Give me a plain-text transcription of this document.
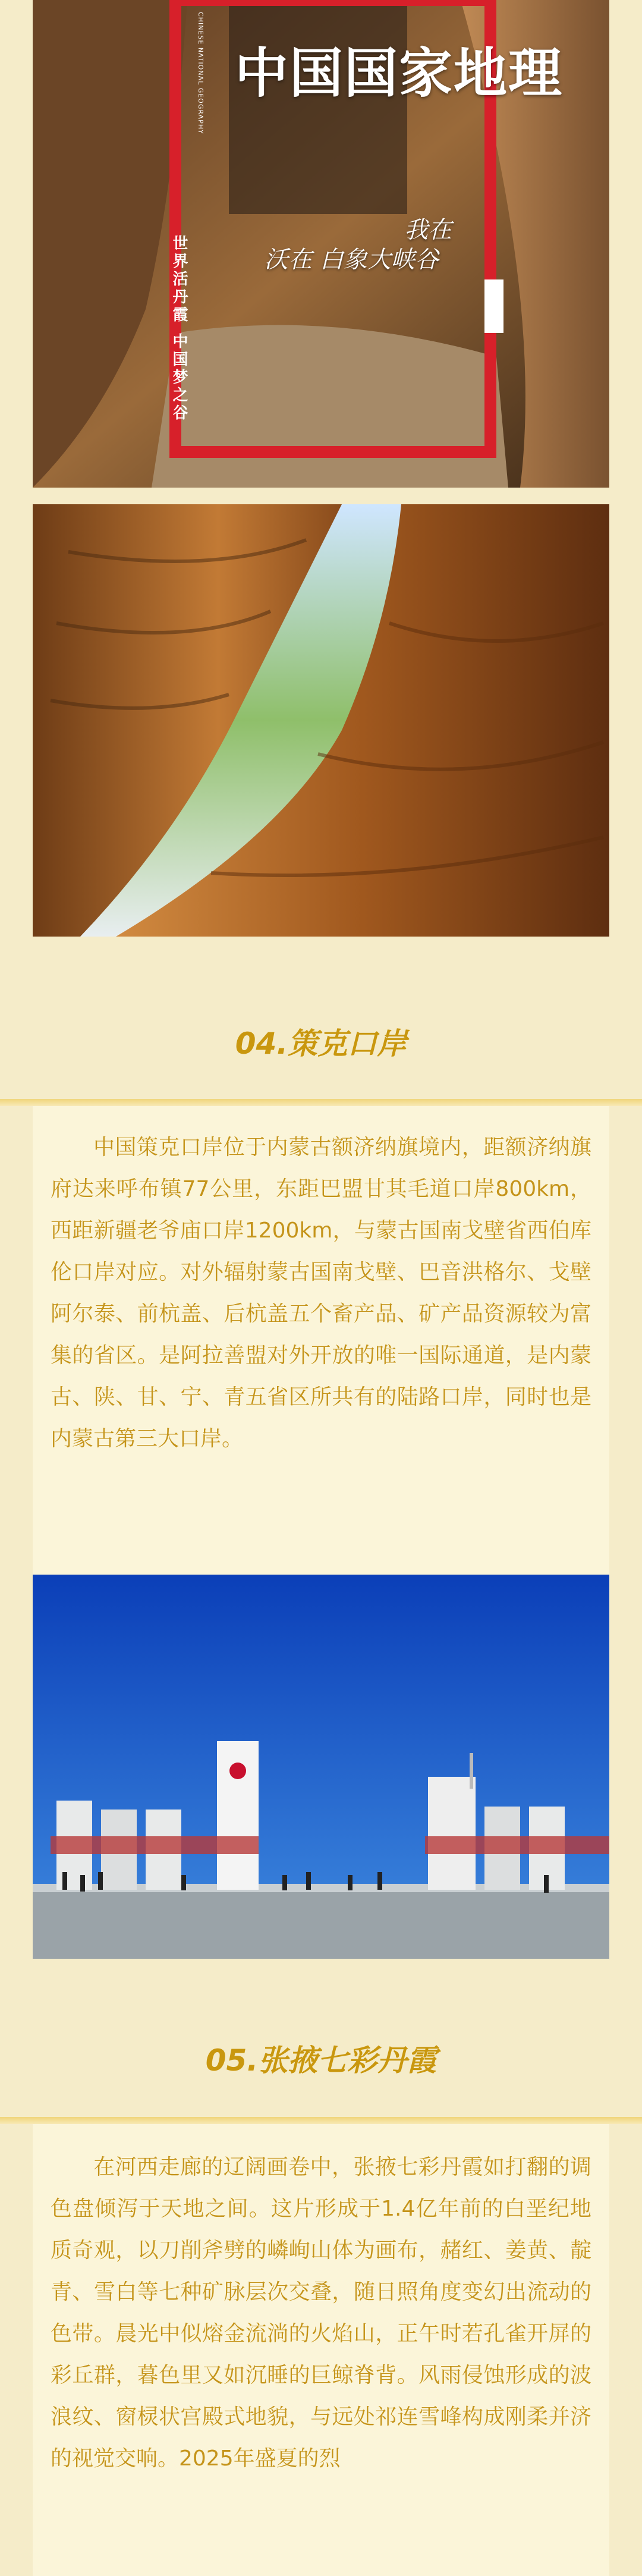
中国国家地理
我在
沃在 白象大峡谷
世界活丹霞
中国梦之谷
CHINESE NATIONAL GEOGRAPHY
04.策克口岸

中国策克口岸位于内蒙古额济纳旗境内，距额济纳旗府达来呼布镇77公里，东距巴盟甘其毛道口岸800km，西距新疆老爷庙口岸1200km，与蒙古国南戈壁省西伯库伦口岸对应。对外辐射蒙古国南戈壁、巴音洪格尔、戈壁阿尔泰、前杭盖、后杭盖五个畜产品、矿产品资源较为富集的省区。是阿拉善盟对外开放的唯一国际通道，是内蒙古、陕、甘、宁、青五省区所共有的陆路口岸，同时也是内蒙古第三大口岸。

05.张掖七彩丹霞

在河西走廊的辽阔画卷中，张掖七彩丹霞如打翻的调色盘倾泻于天地之间。这片形成于1.4亿年前的白垩纪地质奇观，以刀削斧劈的嶙峋山体为画布，赭红、姜黄、靛青、雪白等七种矿脉层次交叠，随日照角度变幻出流动的色带。晨光中似熔金流淌的火焰山，正午时若孔雀开屏的彩丘群，暮色里又如沉睡的巨鲸脊背。风雨侵蚀形成的波浪纹、窗棂状宫殿式地貌，与远处祁连雪峰构成刚柔并济的视觉交响。2025年盛夏的烈
